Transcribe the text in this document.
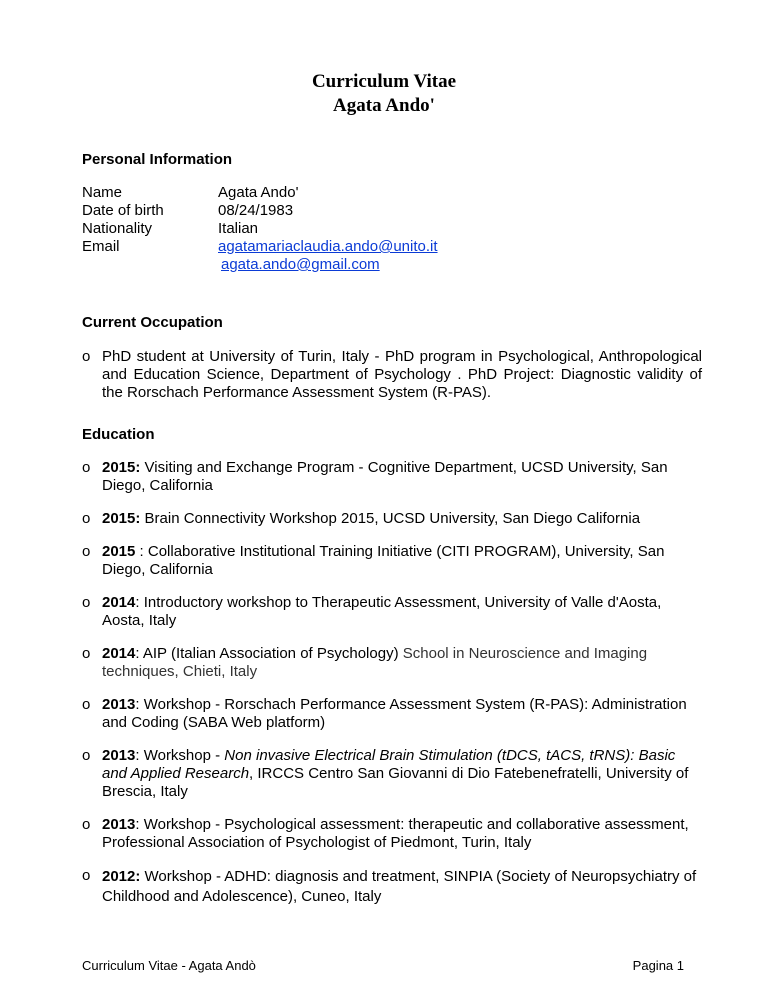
Curriculum Vitae
Agata Ando'
Personal Information
Name
Date of birth
Nationality
Email
Agata Ando'
08/24/1983
Italian
agatamariaclaudia.ando@unito.it
agata.ando@gmail.com
Current Occupation
o PhD student at University of Turin, Italy - PhD program in Psychological, Anthropological and Education Science, Department of Psychology . PhD Project: Diagnostic validity of the Rorschach Performance Assessment System (R-PAS).
Education
o 2015: Visiting and Exchange Program - Cognitive Department, UCSD University, San Diego, California
o 2015: Brain Connectivity Workshop 2015, UCSD University, San Diego California
o 2015 : Collaborative Institutional Training Initiative (CITI PROGRAM), University, San Diego, California
o 2014: Introductory workshop to Therapeutic Assessment, University of Valle d'Aosta, Aosta, Italy
o 2014: AIP (Italian Association of Psychology) School in Neuroscience and Imaging techniques, Chieti, Italy
o 2013: Workshop - Rorschach Performance Assessment System (R-PAS): Administration and Coding (SABA Web platform)
o 2013: Workshop - Non invasive Electrical Brain Stimulation (tDCS, tACS, tRNS): Basic and Applied Research, IRCCS Centro San Giovanni di Dio Fatebenefratelli, University of Brescia, Italy
o 2013: Workshop - Psychological assessment: therapeutic and collaborative assessment, Professional Association of Psychologist of Piedmont, Turin, Italy
o 2012: Workshop - ADHD: diagnosis and treatment, SINPIA (Society of Neuropsychiatry of Childhood and Adolescence), Cuneo, Italy
Curriculum Vitae - Agata Andò	Pagina 1
